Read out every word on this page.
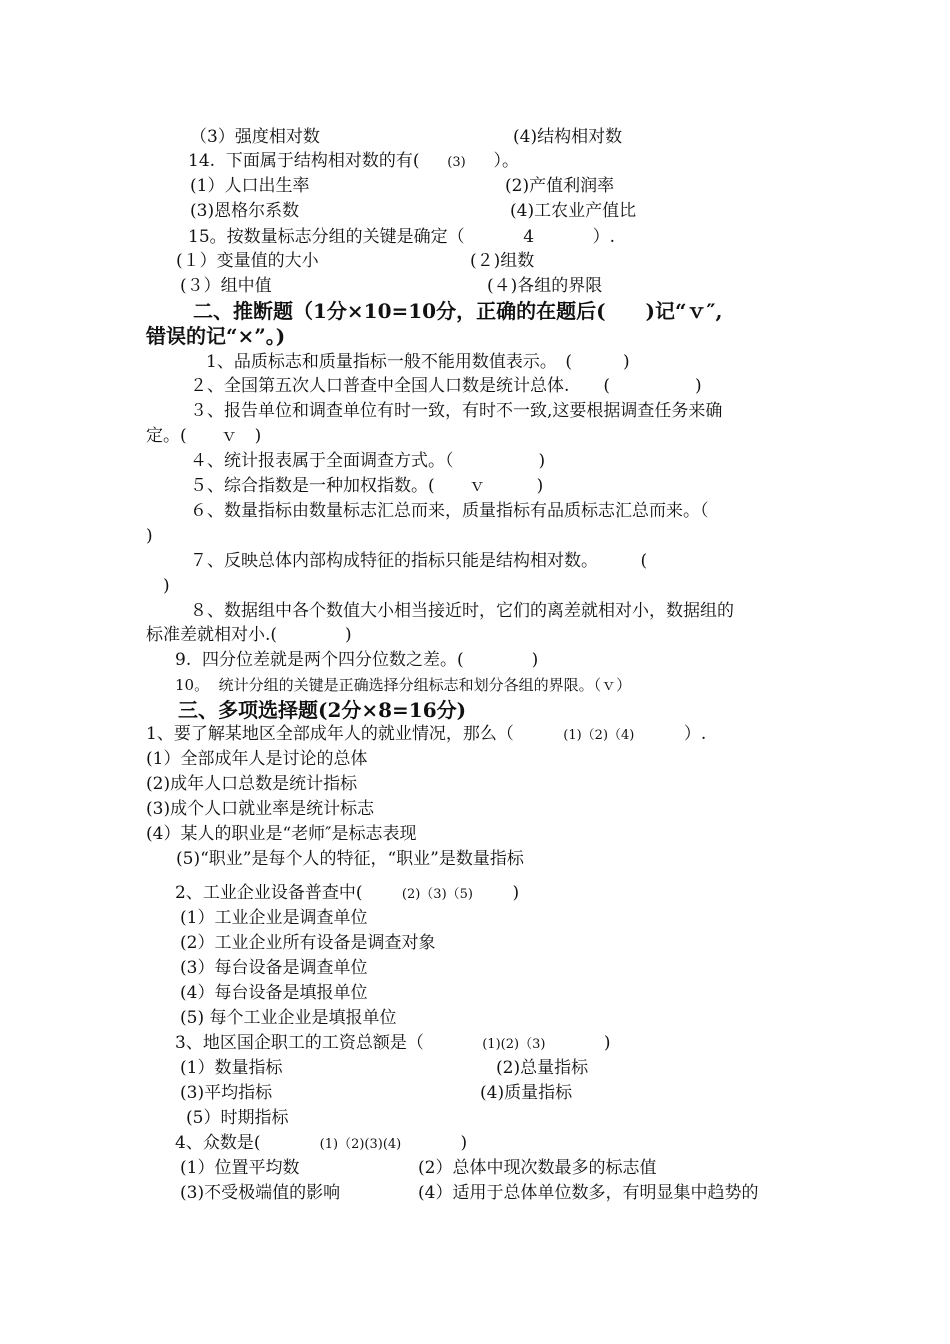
（3）强度相对数	(4)结构相对数
14.  下面属于结构相对数的有( (3) ）。
(1）人口出生率	(2)产值利润率
(3)恩格尔系数	(4)工农业产值比
15。按数量标志分组的关键是确定（	4	）.
(１）变量值的大小	(２)组数
(３）组中值	(４)各组的界限
二、推断题（1分×10=10分，正确的在题后(　　)记“ｖ″,
错误的记“×”。)
1、品质标志和质量指标一般不能用数值表示。　(　　　)
２、全国第五次人口普查中全国人口数是统计总体.　　(　　　　　)
３、报告单位和调查单位有时一致，有时不一致,这要根据调查任务来确
定。(　　ｖ　)
４、统计报表属于全面调查方式。（　　　　　)
５、综合指数是一种加权指数。(　　ｖ　　　)
６、数量指标由数量标志汇总而来，质量指标有品质标志汇总而来。（
)
７、反映总体内部构成特征的指标只能是结构相对数。　　　(
)
８、数据组中各个数值大小相当接近时，它们的离差就相对小，数据组的
标准差就相对小.(　　　　)
9.  四分位差就是两个四分位数之差。(　　　　)
10。  统计分组的关键是正确选择分组标志和划分各组的界限。（ｖ）
三、多项选择题(2分×8=16分)
1、要了解某地区全部成年人的就业情况，那么（	(1)（2)（4)	）.
(1）全部成年人是讨论的总体
(2)成年人口总数是统计指标
(3)成个人口就业率是统计标志
(4）某人的职业是“老师″是标志表现
(5)“职业”是每个人的特征，“职业”是数量指标
2、工业企业设备普查中(	(2)（3)（5) )
(1）工业企业是调查单位
(2）工业企业所有设备是调查对象
(3）每台设备是调查单位
(4）每台设备是填报单位
(5) 每个工业企业是填报单位
3、地区国企职工的工资总额是（	(1)(2)（3)	)
(1）数量指标	(2)总量指标
(3)平均指标	(4)质量指标
(5）时期指标
4、众数是(	(1)（2)(3)(4)	)
(1）位置平均数	(2）总体中现次数最多的标志值
(3)不受极端值的影响	(4）适用于总体单位数多，有明显集中趋势的
